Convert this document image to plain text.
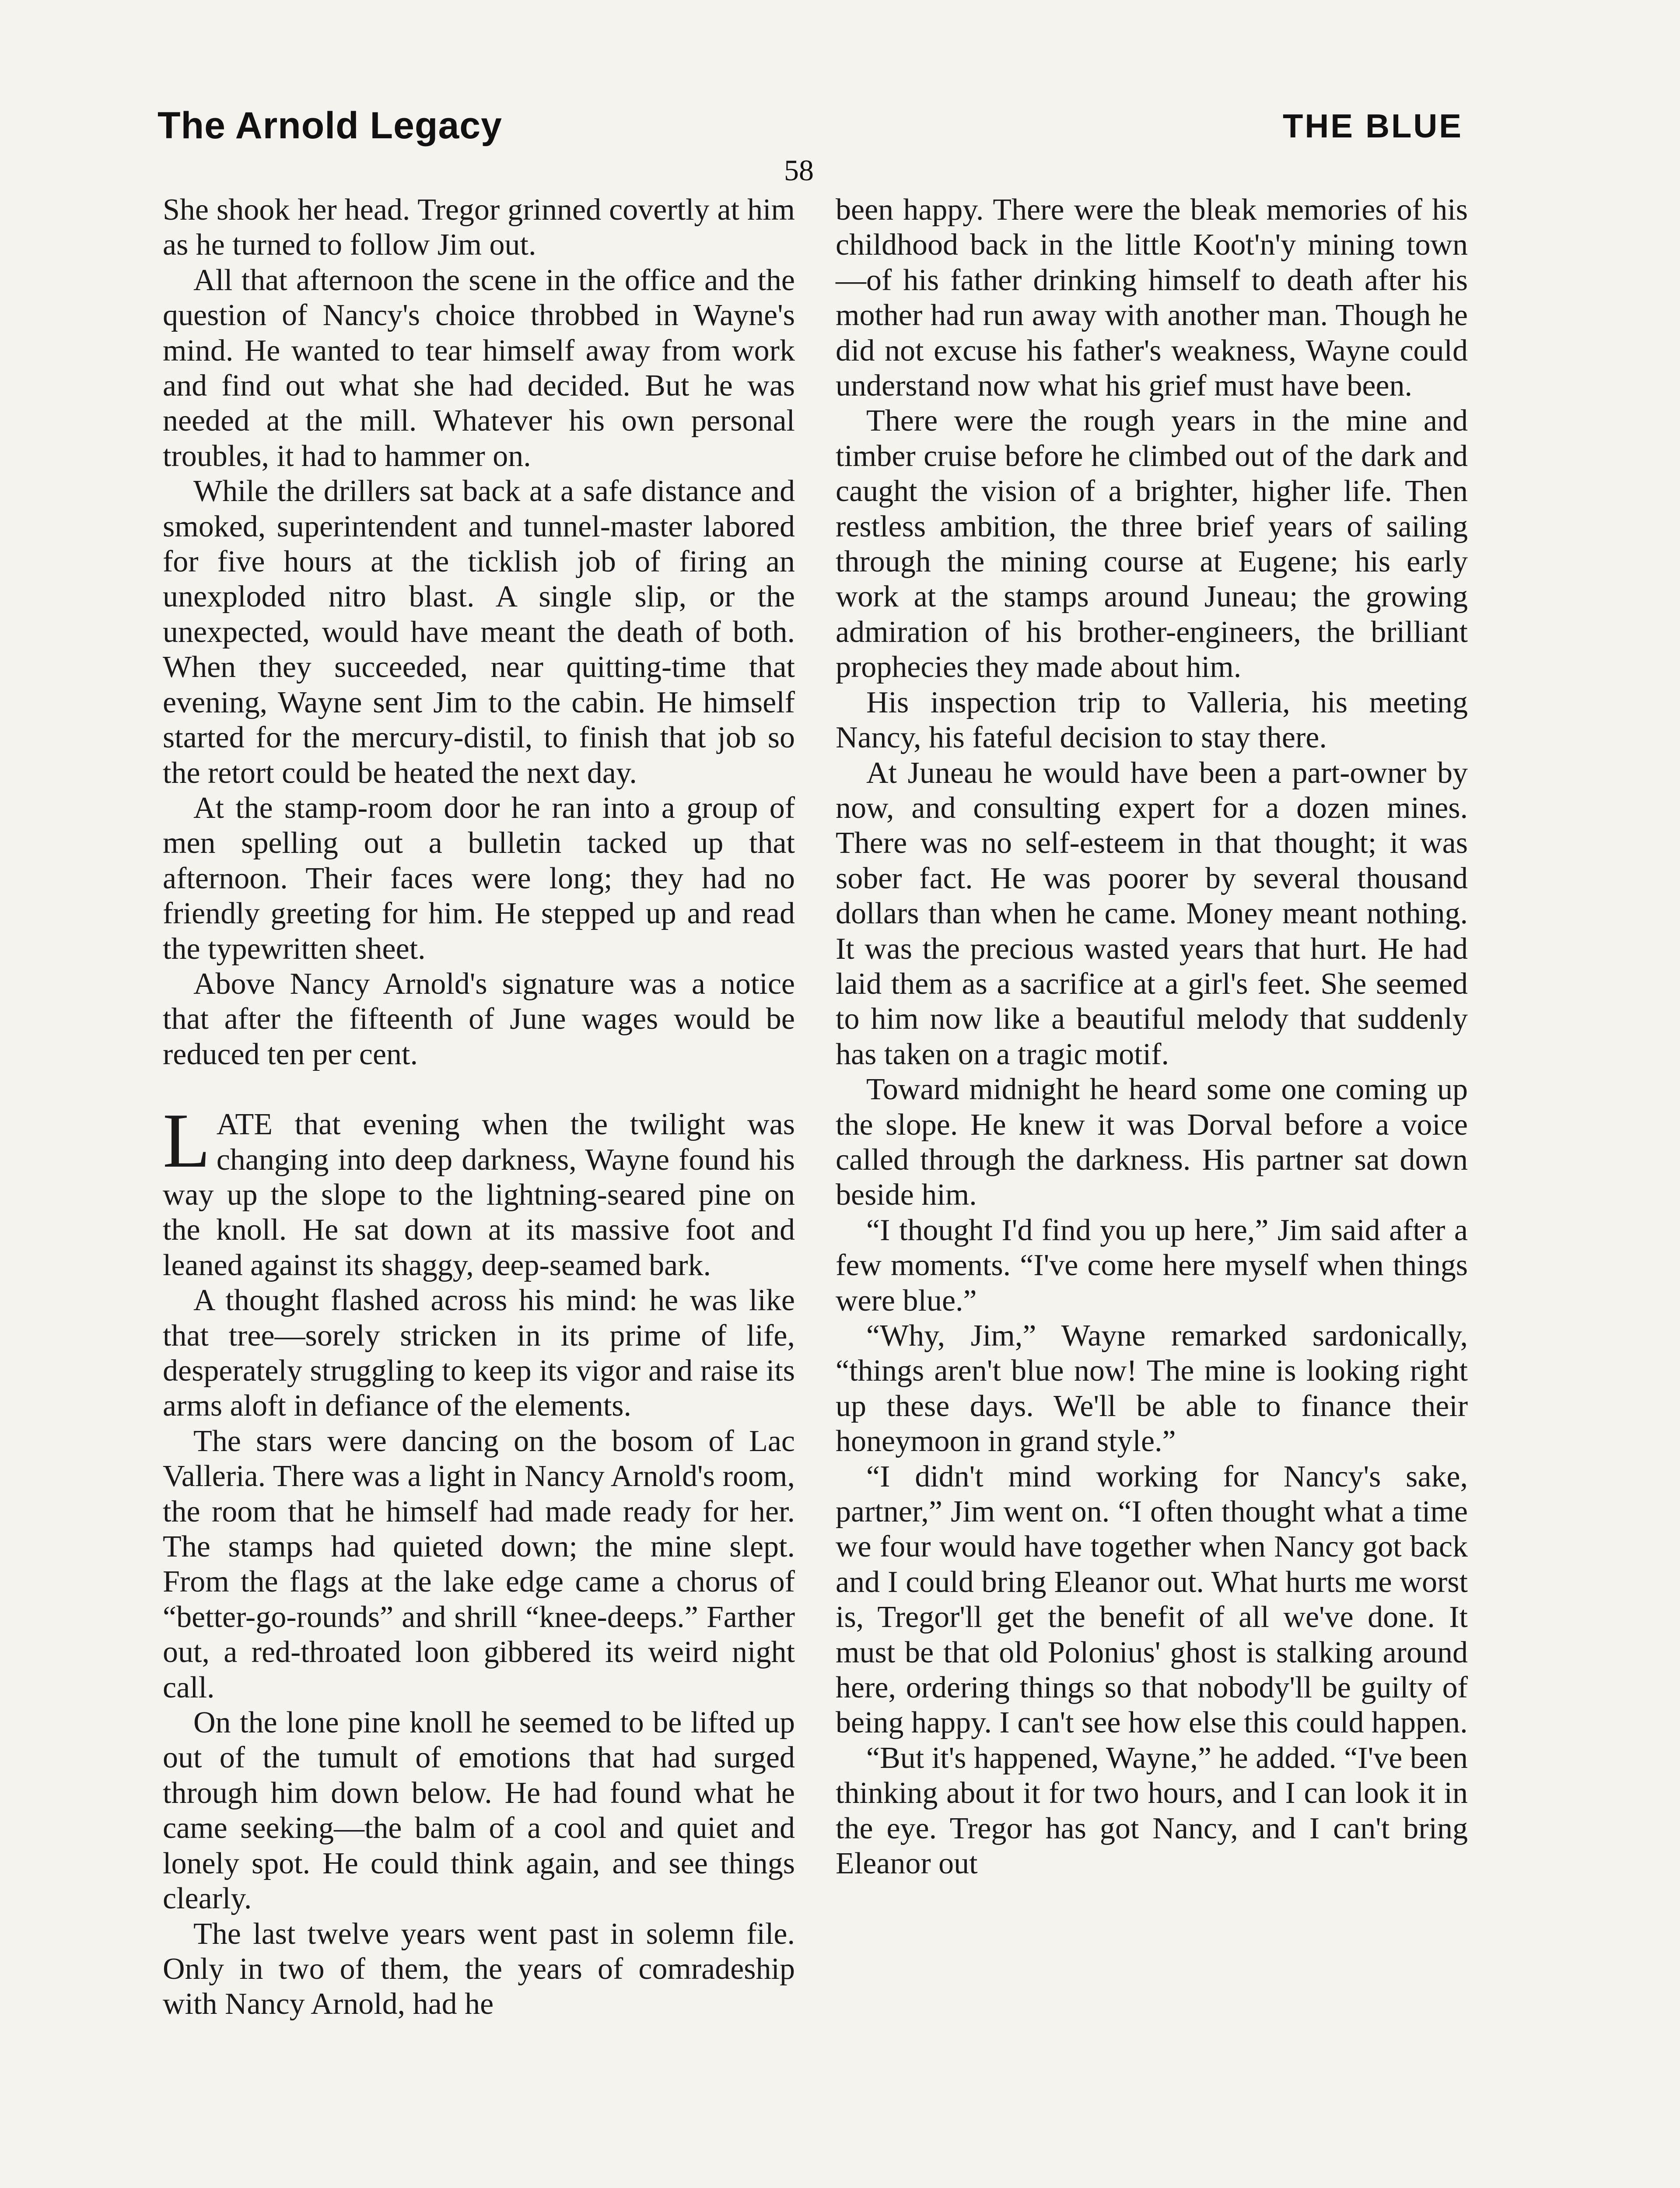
The Arnold Legacy	THE BLUE
58

She shook her head. Tregor grinned covertly at him as he turned to follow Jim out.

All that afternoon the scene in the office and the question of Nancy's choice throbbed in Wayne's mind. He wanted to tear himself away from work and find out what she had decided. But he was needed at the mill. Whatever his own personal troubles, it had to hammer on.

While the drillers sat back at a safe distance and smoked, superintendent and tunnel-master labored for five hours at the ticklish job of firing an unexploded nitro blast. A single slip, or the unexpected, would have meant the death of both. When they succeeded, near quitting-time that evening, Wayne sent Jim to the cabin. He himself started for the mercury-distil, to finish that job so the retort could be heated the next day.

At the stamp-room door he ran into a group of men spelling out a bulletin tacked up that afternoon. Their faces were long; they had no friendly greeting for him. He stepped up and read the typewritten sheet.

Above Nancy Arnold's signature was a notice that after the fifteenth of June wages would be reduced ten per cent.

LATE that evening when the twilight was changing into deep darkness, Wayne found his way up the slope to the lightning-seared pine on the knoll. He sat down at its massive foot and leaned against its shaggy, deep-seamed bark.

A thought flashed across his mind: he was like that tree—sorely stricken in its prime of life, desperately struggling to keep its vigor and raise its arms aloft in defiance of the elements.

The stars were dancing on the bosom of Lac Valleria. There was a light in Nancy Arnold's room, the room that he himself had made ready for her. The stamps had quieted down; the mine slept. From the flags at the lake edge came a chorus of “better-go-rounds” and shrill “knee-deeps.” Farther out, a red-throated loon gibbered its weird night call.

On the lone pine knoll he seemed to be lifted up out of the tumult of emotions that had surged through him down below. He had found what he came seeking—the balm of a cool and quiet and lonely spot. He could think again, and see things clearly.

The last twelve years went past in solemn file. Only in two of them, the years of comradeship with Nancy Arnold, had he

been happy. There were the bleak memories of his childhood back in the little Koot'n'y mining town—of his father drinking himself to death after his mother had run away with another man. Though he did not excuse his father's weakness, Wayne could understand now what his grief must have been.

There were the rough years in the mine and timber cruise before he climbed out of the dark and caught the vision of a brighter, higher life. Then restless ambition, the three brief years of sailing through the mining course at Eugene; his early work at the stamps around Juneau; the growing admiration of his brother-engineers, the brilliant prophecies they made about him.

His inspection trip to Valleria, his meeting Nancy, his fateful decision to stay there.

At Juneau he would have been a part-owner by now, and consulting expert for a dozen mines. There was no self-esteem in that thought; it was sober fact. He was poorer by several thousand dollars than when he came. Money meant nothing. It was the precious wasted years that hurt. He had laid them as a sacrifice at a girl's feet. She seemed to him now like a beautiful melody that suddenly has taken on a tragic motif.

Toward midnight he heard some one coming up the slope. He knew it was Dorval before a voice called through the darkness. His partner sat down beside him.

“I thought I'd find you up here,” Jim said after a few moments. “I've come here myself when things were blue.”

“Why, Jim,” Wayne remarked sardonically, “things aren't blue now! The mine is looking right up these days. We'll be able to finance their honeymoon in grand style.”

“I didn't mind working for Nancy's sake, partner,” Jim went on. “I often thought what a time we four would have together when Nancy got back and I could bring Eleanor out. What hurts me worst is, Tregor'll get the benefit of all we've done. It must be that old Polonius' ghost is stalking around here, ordering things so that nobody'll be guilty of being happy. I can't see how else this could happen.

“But it's happened, Wayne,” he added. “I've been thinking about it for two hours, and I can look it in the eye. Tregor has got Nancy, and I can't bring Eleanor out
